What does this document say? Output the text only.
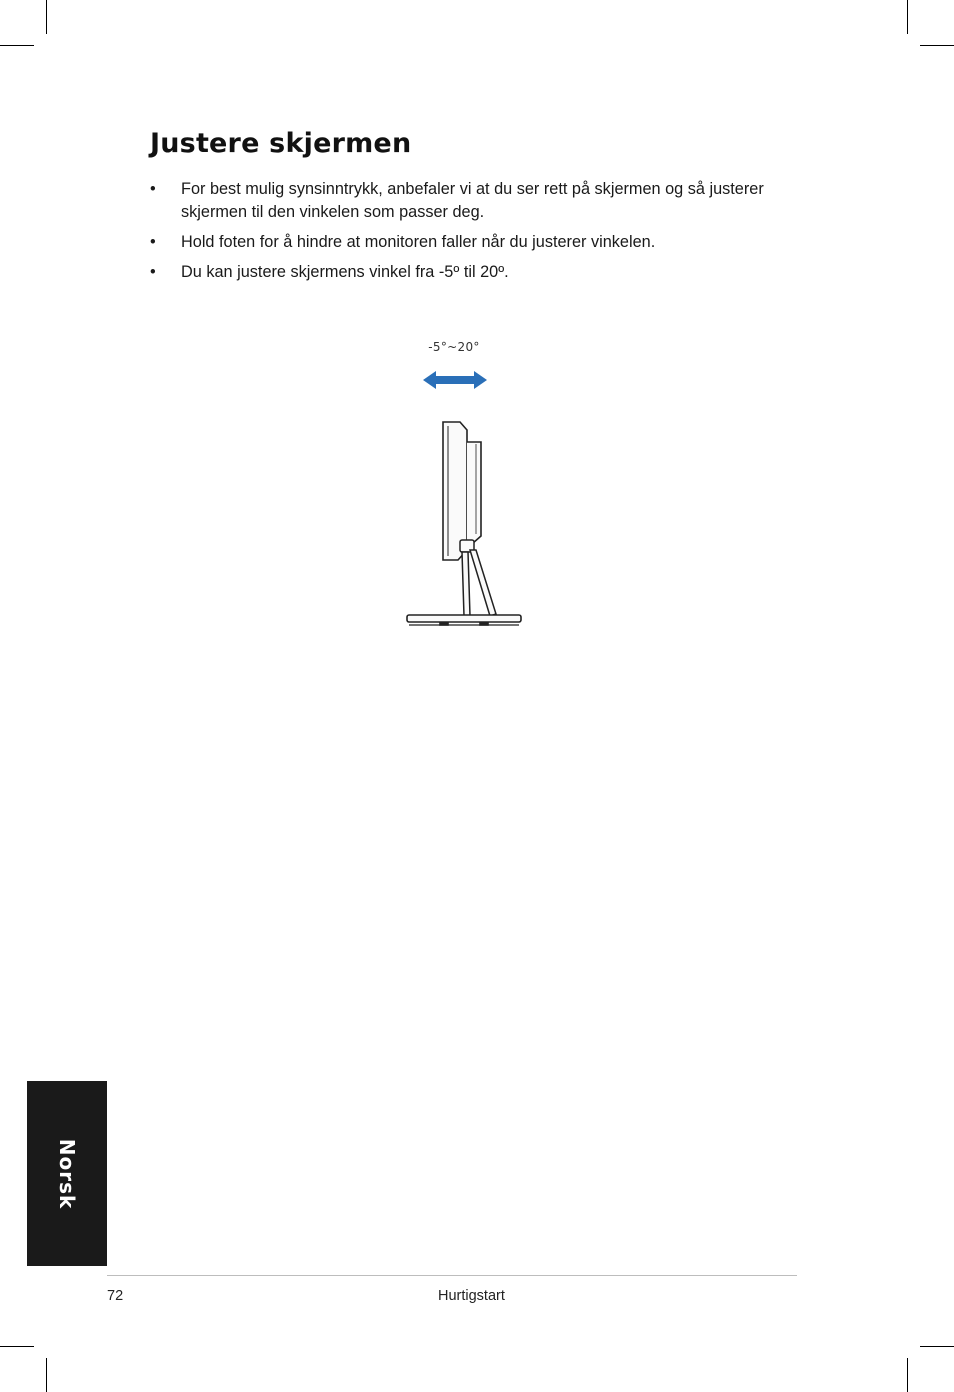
Justere skjermen
• For best mulig synsinntrykk, anbefaler vi at du ser rett på skjermen og så justerer skjermen til den vinkelen som passer deg.
• Hold foten for å hindre at monitoren faller når du justerer vinkelen.
• Du kan justere skjermens vinkel fra -5º til 20º.
-5°~20°
Norsk
72	Hurtigstart
